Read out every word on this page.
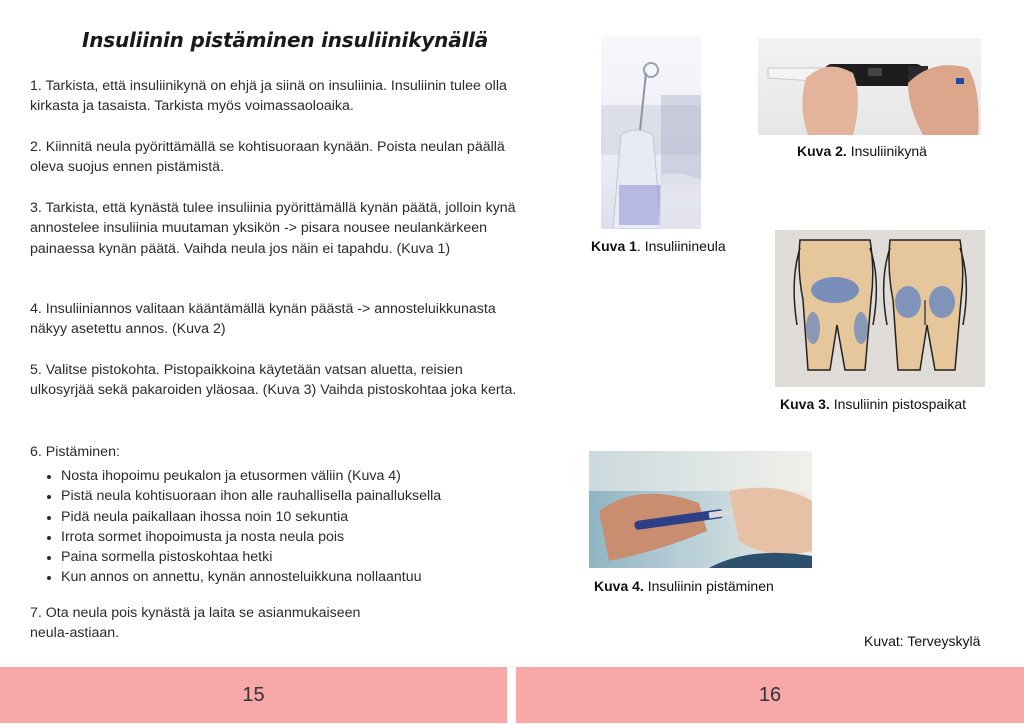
Insuliinin pistäminen insuliinikynällä

1. Tarkista, että insuliinikynä on ehjä ja siinä on insuliinia. Insuliinin tulee olla kirkasta ja tasaista. Tarkista myös voimassaoloaika.

2. Kiinnitä neula pyörittämällä se kohtisuoraan kynään. Poista neulan päällä oleva suojus ennen pistämistä.

3. Tarkista, että kynästä tulee insuliinia pyörittämällä kynän päätä, jolloin kynä annostelee insuliinia muutaman yksikön -> pisara nousee neulankärkeen painaessa kynän päätä. Vaihda neula jos näin ei tapahdu. (Kuva 1)

4. Insuliiniannos valitaan kääntämällä kynän päästä -> annosteluikkunasta näkyy asetettu annos. (Kuva 2)

5. Valitse pistokohta. Pistopaikkoina käytetään vatsan aluetta, reisien ulkosyrjää sekä pakaroiden yläosaa. (Kuva 3) Vaihda pistoskohtaa joka kerta.

6. Pistäminen:

• Nosta ihopoimu peukalon ja etusormen väliin (Kuva 4)
• Pistä neula kohtisuoraan ihon alle rauhallisella painalluksella
• Pidä neula paikallaan ihossa noin 10 sekuntia
• Irrota sormet ihopoimusta ja nosta neula pois
• Paina sormella pistoskohtaa hetki
• Kun annos on annettu, kynän annosteluikkuna nollaantuu

7. Ota neula pois kynästä ja laita se asianmukaiseen neula-astiaan.

Kuva 1. Insuliinineula
Kuva 2. Insuliinikynä
Kuva 3. Insuliinin pistospaikat
Kuva 4. Insuliinin pistäminen
Kuvat: Terveyskylä
15	16
